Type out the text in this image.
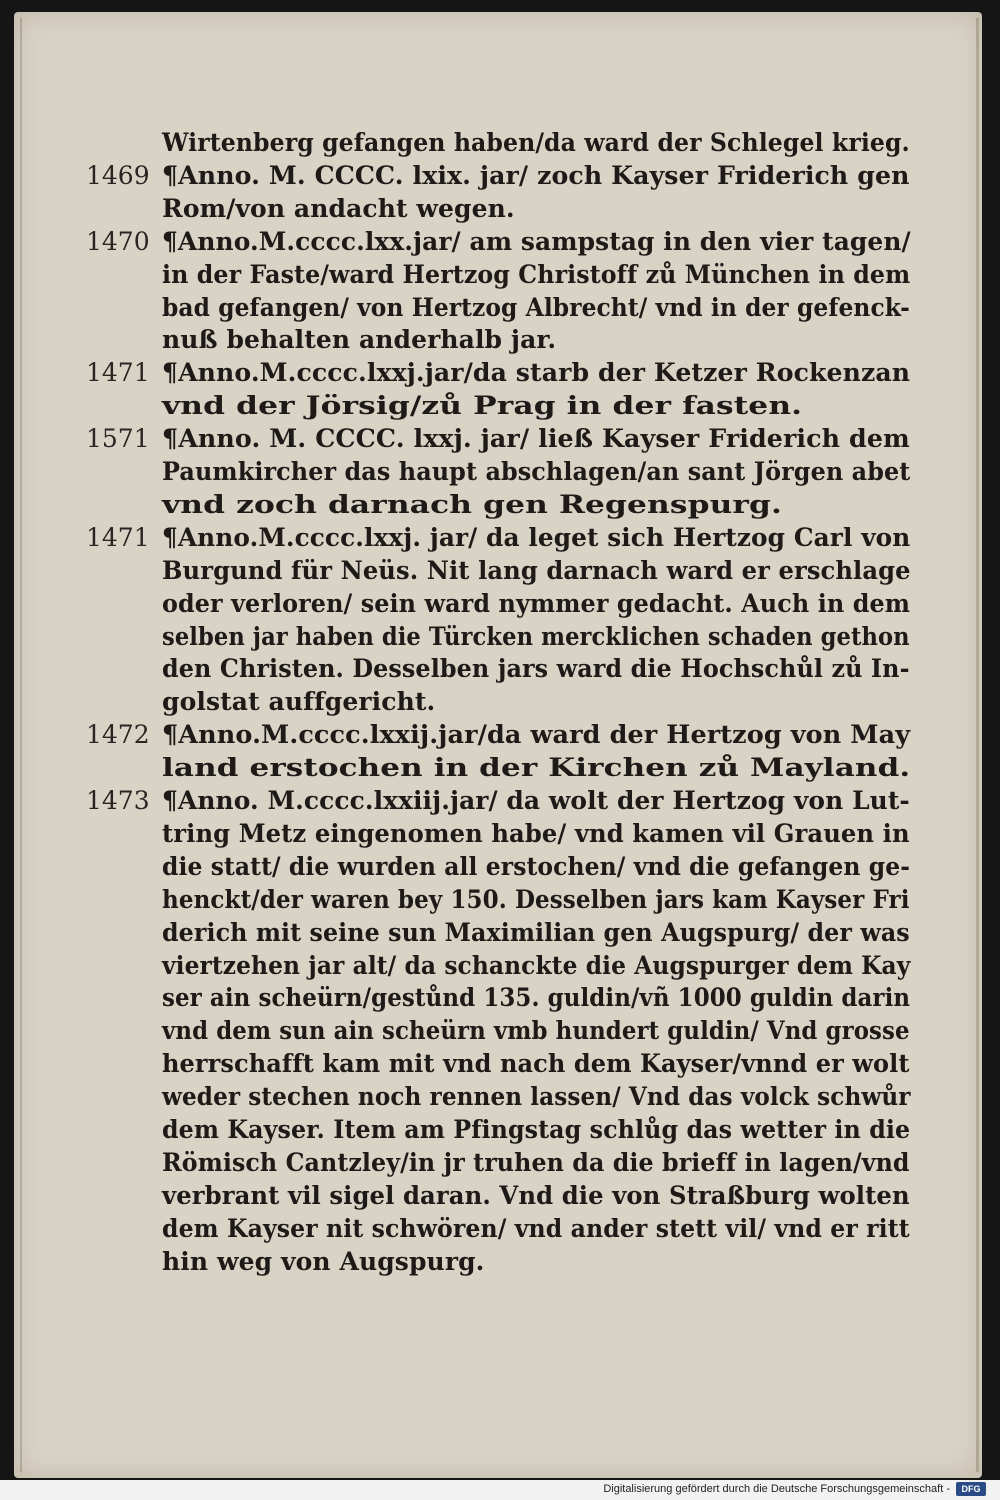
Wirtenberg gefangen haben/da ward der Schlegel krieg.
1469 ¶Anno. M. CCCC. lxix. jar/ zoch Kayser Friderich gen
Rom/von andacht wegen.
1470 ¶Anno.M.cccc.lxx.jar/ am sampstag in den vier tagen/
in der Faste/ward Hertzog Christoff zů München in dem
bad gefangen/ von Hertzog Albrecht/ vnd in der gefenck-
nuß behalten anderhalb jar.
1471 ¶Anno.M.cccc.lxxj.jar/da starb der Ketzer Rockenzan
vnd der Jörsig/zů Prag in der fasten.
1571 ¶Anno. M. CCCC. lxxj. jar/ ließ Kayser Friderich dem
Paumkircher das haupt abschlagen/an sant Jörgen abet
vnd zoch darnach gen Regenspurg.
1471 ¶Anno.M.cccc.lxxj. jar/ da leget sich Hertzog Carl von
Burgund für Neüs. Nit lang darnach ward er erschlage
oder verloren/ sein ward nymmer gedacht. Auch in dem
selben jar haben die Türcken mercklichen schaden gethon
den Christen. Desselben jars ward die Hochschůl zů In-
golstat auffgericht.
1472 ¶Anno.M.cccc.lxxij.jar/da ward der Hertzog von May
land erstochen in der Kirchen zů Mayland.
1473 ¶Anno. M.cccc.lxxiij.jar/ da wolt der Hertzog von Lut-
tring Metz eingenomen habe/ vnd kamen vil Grauen in
die statt/ die wurden all erstochen/ vnd die gefangen ge-
henckt/der waren bey 150. Desselben jars kam Kayser Fri
derich mit seine sun Maximilian gen Augspurg/ der was
viertzehen jar alt/ da schanckte die Augspurger dem Kay
ser ain scheürn/gestůnd 135. guldin/vñ 1000 guldin darin
vnd dem sun ain scheürn vmb hundert guldin/ Vnd grosse
herrschafft kam mit vnd nach dem Kayser/vnnd er wolt
weder stechen noch rennen lassen/ Vnd das volck schwůr
dem Kayser. Item am Pfingstag schlůg das wetter in die
Römisch Cantzley/in jr truhen da die brieff in lagen/vnd
verbrant vil sigel daran. Vnd die von Straßburg wolten
dem Kayser nit schwören/ vnd ander stett vil/ vnd er ritt
hin weg von Augspurg.
Digitalisierung gefördert durch die Deutsche Forschungsgemeinschaft -	DFG
